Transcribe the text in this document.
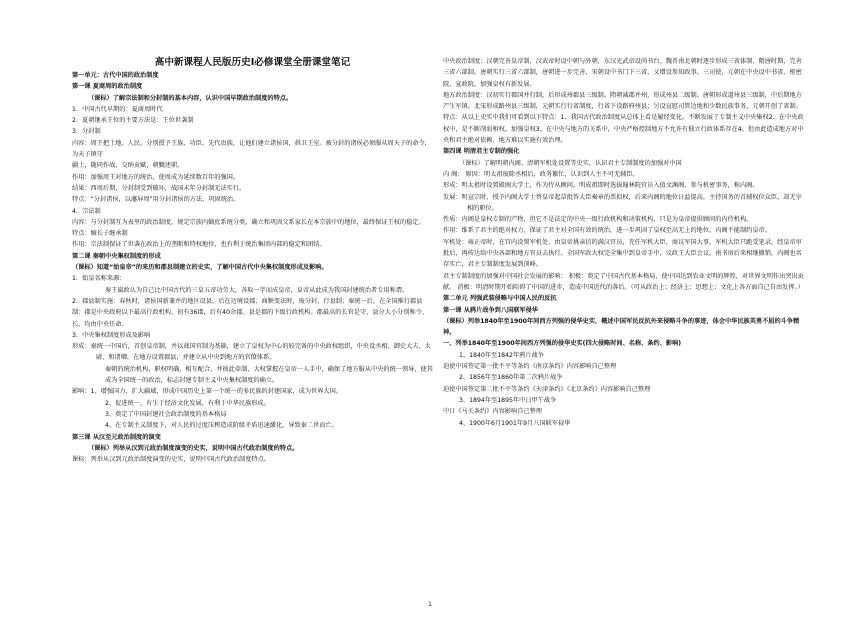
高中新课程人民版历史Ⅰ必修课堂全册课堂笔记

第一单元：古代中国的政治制度

第一课 夏商周的政治制度

（课标）了解宗法制和分封制的基本内容，认识中国早期政治制度的特点。

1．中国古代早期的：夏商周时代

2．夏朝继承王位的主要方法是：王位世袭制

3．分封制

内容：周王把土地、人民、分别授予王族、功臣、先代贵族，让他们建立诸侯国，拱卫王室。被分封的诸侯必须服从周天子的命令，为天子镇守

疆土，随同作战，交纳贡赋，朝觐述职。

作用：加强周王对地方的统治，使周成为延续数百年的强国。

结果：西周后期，分封制受到破坏，战国末年分封制无法实行。

特点：“分封诸侯，以藩屏周”用分封诸侯的方法，巩固统治。

4．宗法制

内容：与分封制互为表里的政治制度，规定宗族内嫡庶系统分类，确立和巩固父系家长在本宗族中的地位，最终保证王权的稳定。

特点：嫡长子继承制

作用：宗法制保证了世袭在政治上的垄断和特权地位，也有利于统治集团内部的稳定和团结。

第二课 秦朝中央集权制度的形成

（课标）知道“始皇帝”的来历和郡县制建立的史实，了解中国古代中央集权制度形成及影响。

1．始皇名称来源：

秦王嬴政认为自己比中国古代的三皇五帝功劳大，各取一字而成皇帝，皇帝从此成为我国封建统治者专用称谓。

2．郡县制实施：春秋时，诸侯国新兼并的地区设县，后在边境设郡；商鞅变法时，废分封，行县制；秦统一后，在全国推行郡县制：郡是中央政府以下最高行政机构，初有36郡，后有40余郡。县是郡的下级行政机构。郡最高的长官是守，县分大小分别称令、长，均由中央任命。

3．中央集权制度形成及影响

形成：秦统一中国后，首创皇帝制，并以战国官制为基础，建立了皇权为中心的较完备的中央政权组织，中央设丞相、御史大夫、太尉，和诸卿，在地方设置郡县，并建立从中央到地方的官僚体系。

秦朝的统治机构，职权明确，相互配合，并彼此牵制，大权掌握在皇帝一人手中，确保了地方服从中央的统一领导，使其成为全国统一的政治，标志封建专制主义中央集权制度的确立。

影响：1、增强国力，扩大疆域，形成中国历史上第一个统一的多民族的封建国家，成为世界大国。

2、促进统一，有生于经济文化发展，有利于中华民族形成。

3、奠定了中国封建社会政治制度的基本格局

4、在专制主义制度下，对人民的过度压榨造成阶级矛盾迅速激化，导致秦二世而亡。

第三课 从汉至元政治制度的演变

（课标）列举从汉到元政治制度演变的史实，说明中国古代政治制度的特点。

课标：列举从汉到元政治制度演变的史实，说明中国古代政治制度特点。

中央政治制度：汉朝完善皇帝制，汉武帝时设中朝与外朝，东汉光武帝设尚书台。魏晋南北朝时逐步形成三省体制，隋唐时期，完善三省六部制。唐朝实行三省六部制，唐朝进一步完善，宋朝设中书门下三省，又增设参知政事、三司使，元朝在中央设中书省、枢密院、宣政院，加强皇权有新发展。

地方政治制度：汉初实行郡国并行制，后形成州郡县三级制。隋朝减郡并州，形成州县二级制。唐朝形成道州县三级制，中后期地方产生军镇。北宋形成路州县三级制，元朝实行行省制度，行省下设路府州县；另设宣慰司管边地和少数民族事务，元朝开创了省制。

特点：从以上史实中我们可看到以下特点：1、我国古代政治制度从总体上看是履经变化，不断发展了专制主义中央集权2、在中央政权中，是不断削弱相权，加强皇权3、在中央与地方的关系中，中央严格控制地方不允许有独立行政体系存在4、但由此造成地方对中央和君主绝对依赖，地方难以实施有效治理。

第四课 明清君主专制的强化

（课标）了解明朝内阁、清朝军机处设置等史实，认识君主专制制度的加强对中国

内 阁： 原因：明太祖废除丞相后，政务繁忙，认识到人主不可无辅臣。

形成：明太祖时设置殿阁大学士，作为侍从顾问。明成祖即时选拔翰林院官员入值文渊阁，参与机密事务，称内阁。

发展：明宣宗时，授予内阁大学士替皇帝起草批答大臣奏章的票拟权，后来内阁的地位日益提高，主持国务的首辅权位众臣，却无宰相的职位。

性质：内阁是皇权专制的产物，但它不是法定的中央一级行政机构和决策机构，只是为皇帝提供顾问的内侍机构。

作用：维系了君主的绝对权力，保证了君主对全国有效的统治，进一步巩固了皇权至高无上的地位，内阁不能制约皇帝。

军机处：雍正帝时，在宫内设置军机处，由皇帝挑亲信的满汉官员，充任军机大臣，商议军国大事，军机大臣只跪受笔录，经皇帝审批后，再传达给中央各部和地方官员去执行。全国军政大权完全集中到皇帝手中，议政王大臣会议，南书房后来相继撤销，内阁也名存实亡，君主专制制度发展到顶峰。

君主专制制度的加强对中国社会发展的影响： 积极：奠定了中国古代基本格局，使中国达到农业文明的辉煌，对世界文明作出突出贡献。 消极：明清时期开始阻碍了中国的进步，造成中国近代的落后。（可从政治上；经济上；思想上；文化上各方面自己自由发挥。）

第二单元 列强武装侵略与中国人民的反抗

第一课 从鸦片战争到八国联军侵华

（课标）列举1840年至1900年间西方列强的侵华史实，概述中国军民反抗外来侵略斗争的事迹，体会中华民族英勇不屈的斗争精神。

一、列举1840年至1900年间西方列强的侵华史实(四大侵略时间、名称、条约、影响)

1、1840年至1842年鸦片战争

迫使中国签定第一批不平等条约《南京条约》内容影响自己整理

2、1856年至1860年第二次鸦片战争

迫使中国签定第二批不平等条约《天津条约》《北京条约》内容影响自己整理

3、1894年至1895年中日甲午战争

中日《马关条约》内容影响自己整理

4、1900年6月1901年9月八国联军侵华

1
